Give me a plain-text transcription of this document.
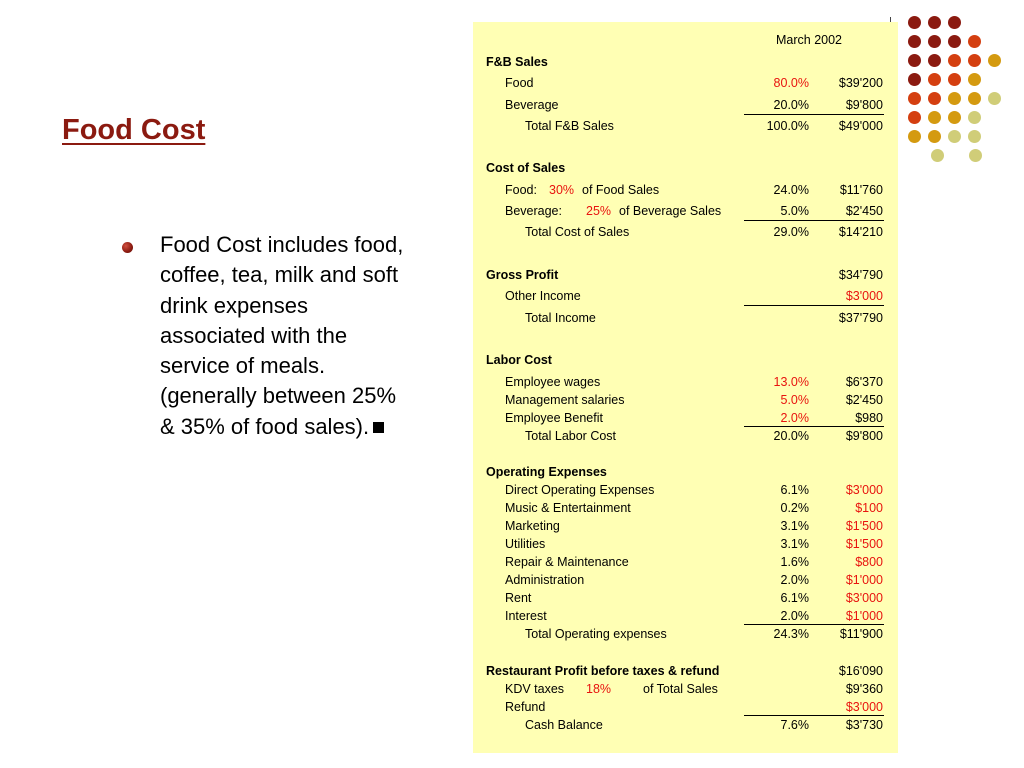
Food Cost
Food Cost includes food, coffee, tea, milk and soft drink expenses associated with the service of meals. (generally between 25% & 35% of food sales).
March 2002
F&B Sales
Food	80.0% $39'200
Beverage	20.0%	$9'800
Total F&B Sales	100.0% $49'000
Cost of Sales
Food: 30% of Food Sales	24.0% $11'760
Beverage: 25% of Beverage Sales	5.0%	$2'450
Total Cost of Sales	29.0% $14'210
Gross Profit	$34'790
Other Income	$3'000
Total Income	$37'790
Labor Cost
Employee wages	13.0%	$6'370
Management salaries	5.0%	$2'450
Employee Benefit	2.0%	$980
Total Labor Cost	20.0%	$9'800
Operating Expenses
Direct Operating Expenses	6.1%	$3'000
Music & Entertainment	0.2%	$100
Marketing	3.1%	$1'500
Utilities	3.1%	$1'500
Repair & Maintenance	1.6%	$800
Administration	2.0%	$1'000
Rent	6.1%	$3'000
Interest	2.0%	$1'000
Total Operating expenses	24.3% $11'900
Restaurant Profit before taxes & refund	$16'090
KDV taxes 18%	of Total Sales	$9'360
Refund	$3'000
Cash Balance	7.6%	$3'730
